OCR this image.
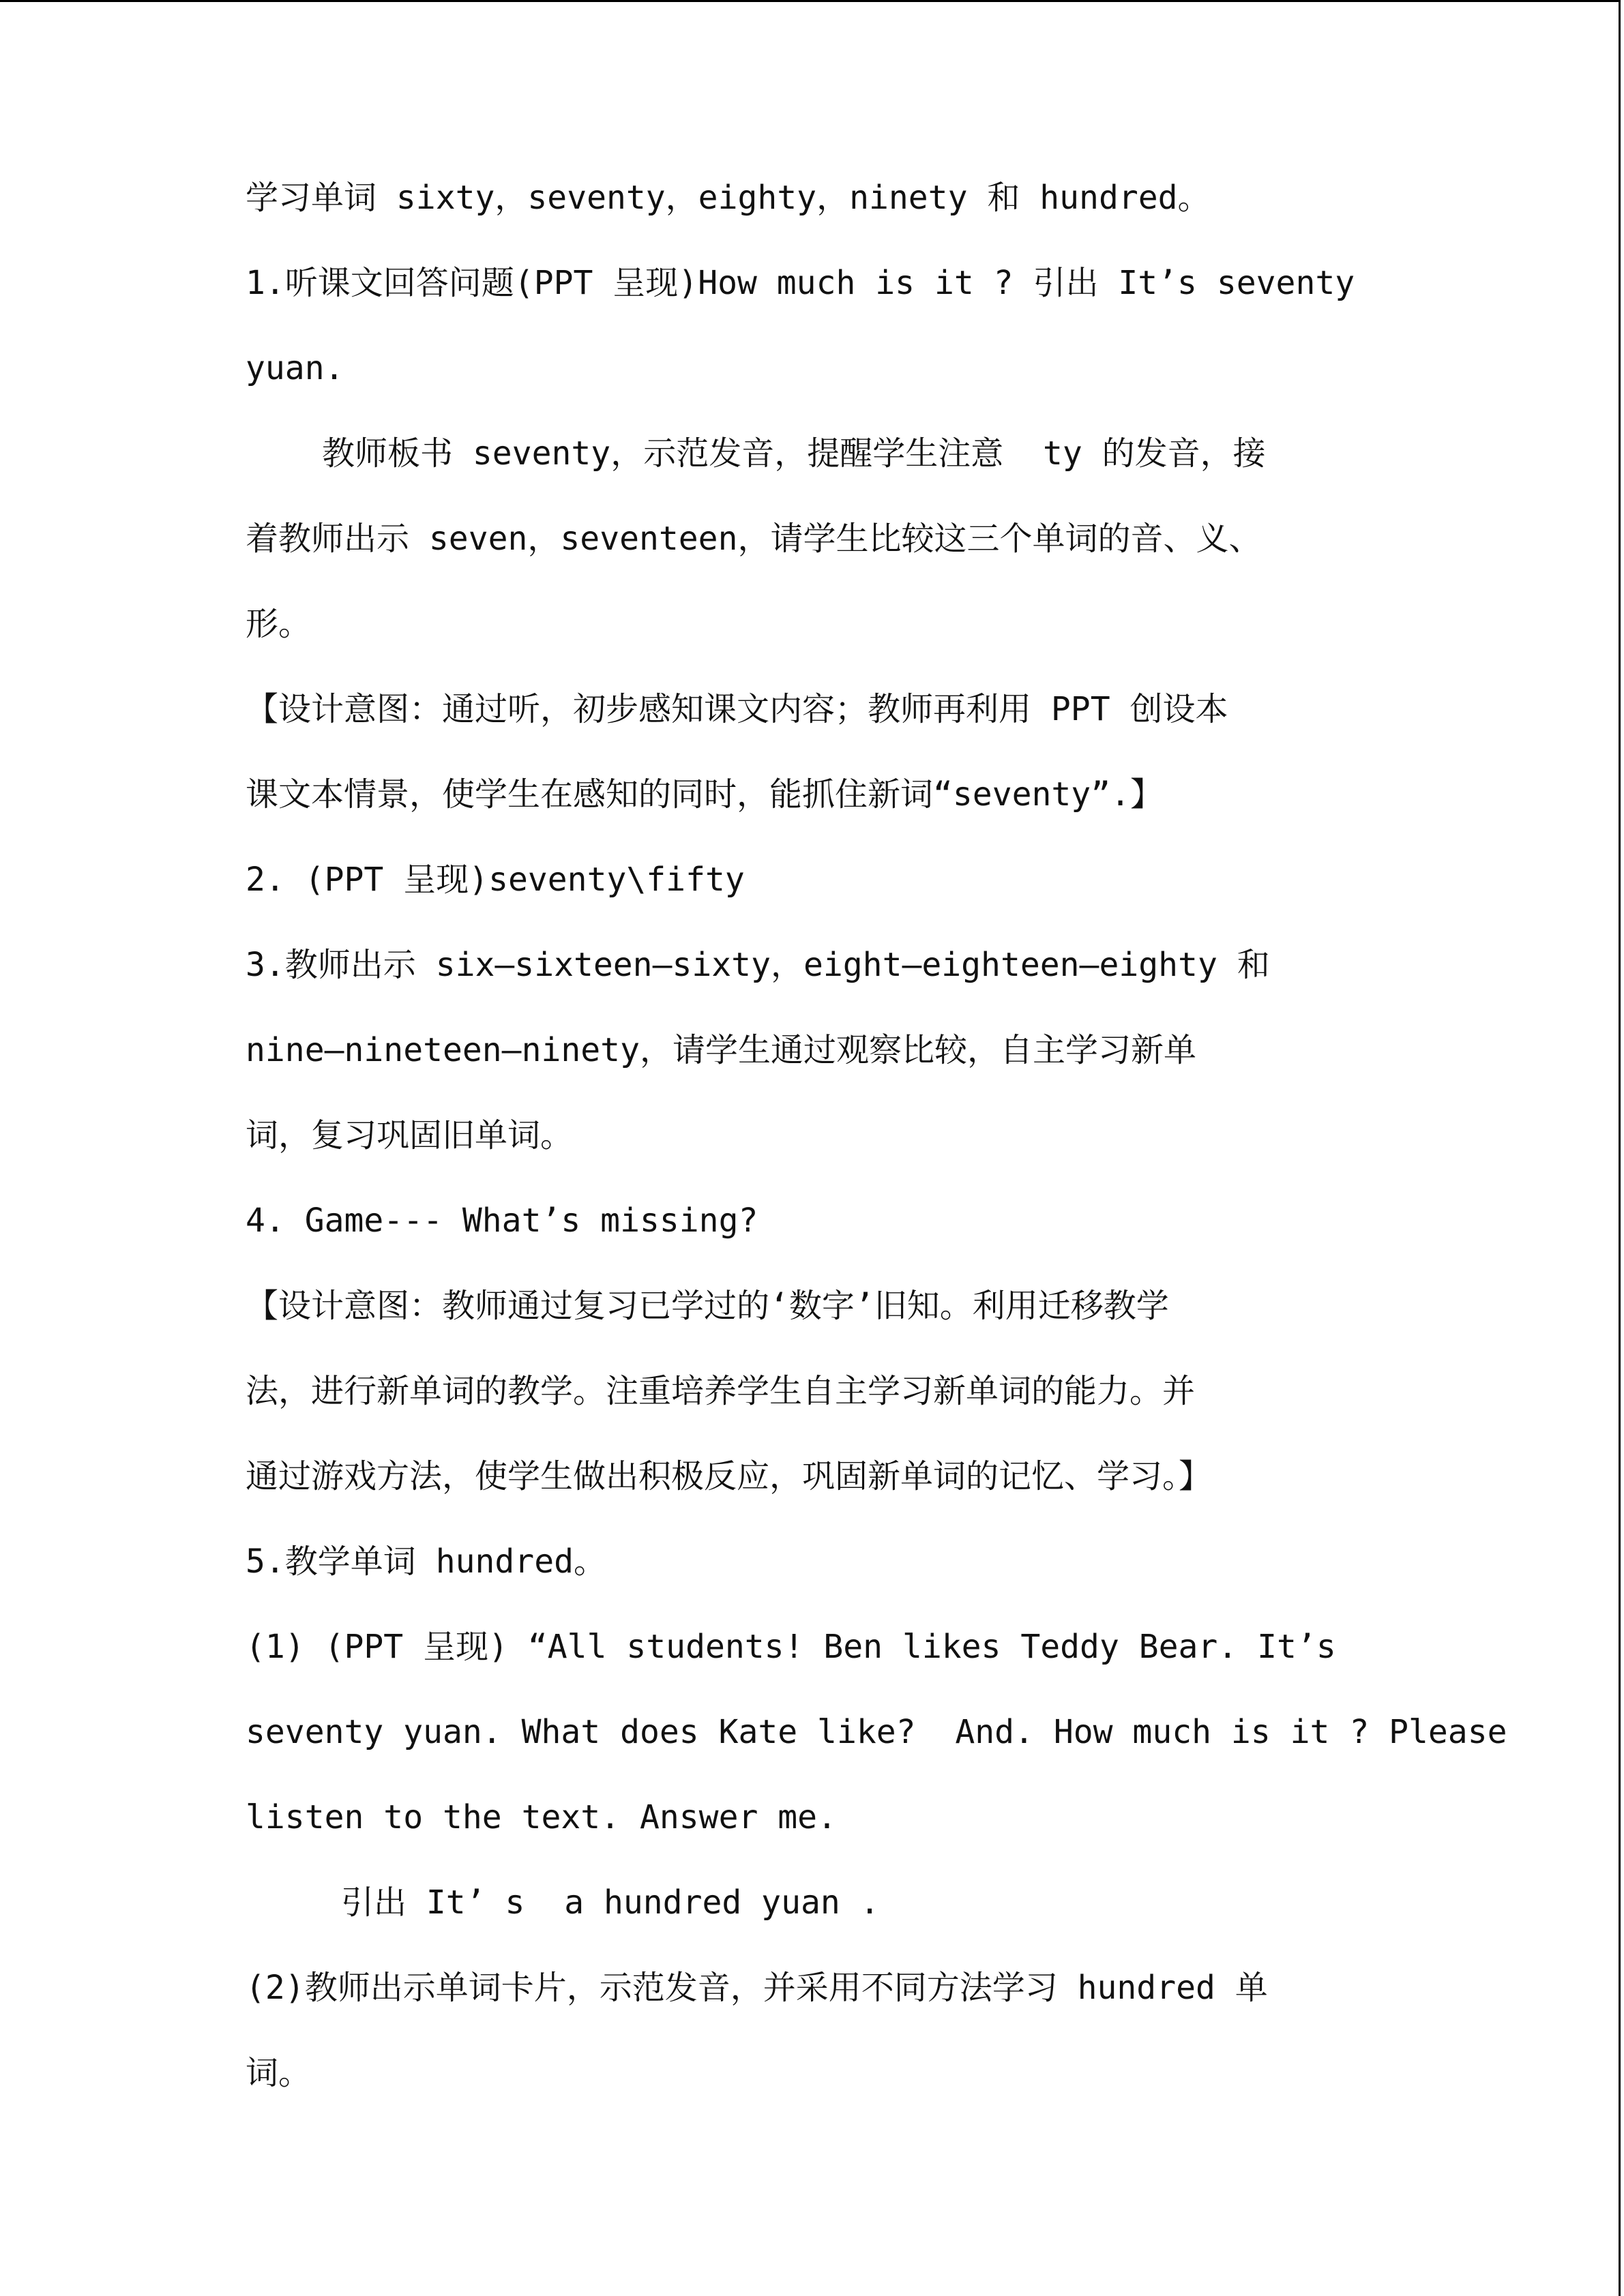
学习单词 sixty，seventy，eighty，ninety 和 hundred。
1.听课文回答问题(PPT 呈现)How much is it ? 引出 It’s seventy
yuan.
教师板书 seventy，示范发音，提醒学生注意  ty 的发音，接
着教师出示 seven，seventeen，请学生比较这三个单词的音、义、
形。
【设计意图：通过听，初步感知课文内容；教师再利用 PPT 创设本
课文本情景，使学生在感知的同时，能抓住新词“seventy”.】
2. (PPT 呈现)seventy\fifty
3.教师出示 six—sixteen—sixty，eight—eighteen—eighty 和
nine—nineteen—ninety，请学生通过观察比较，自主学习新单
词，复习巩固旧单词。
4. Game--- What’s missing?
【设计意图：教师通过复习已学过的‘数字’旧知。利用迁移教学
法，进行新单词的教学。注重培养学生自主学习新单词的能力。并
通过游戏方法，使学生做出积极反应，巩固新单词的记忆、学习。】
5.教学单词 hundred。
(1) (PPT 呈现) “All students! Ben likes Teddy Bear. It’s
seventy yuan. What does Kate like?  And. How much is it ? Please
listen to the text. Answer me.
引出 It’ s  a hundred yuan .
(2)教师出示单词卡片，示范发音，并采用不同方法学习 hundred 单
词。
